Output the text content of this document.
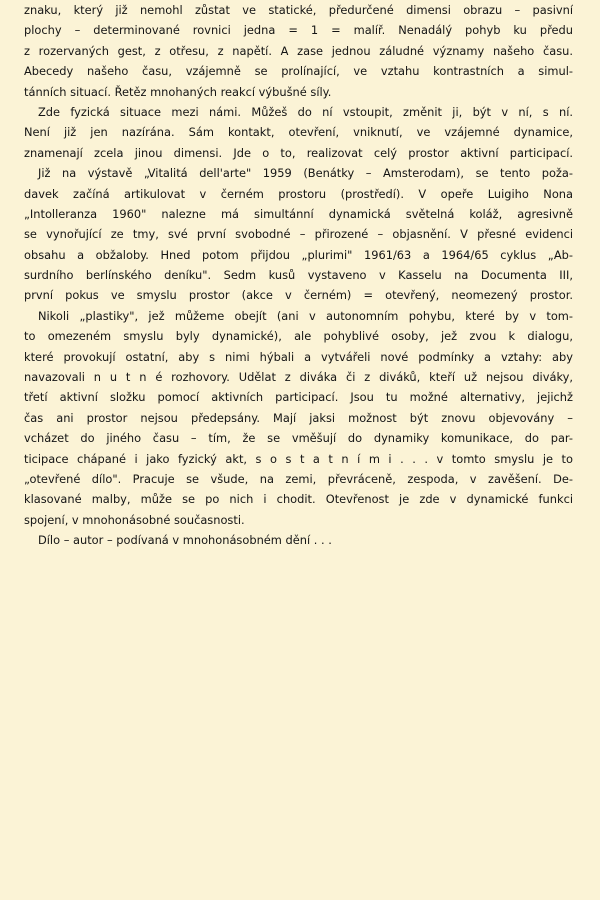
znaku, který již nemohl zůstat ve statické, předurčené dimensi obrazu – pasivní
plochy – determinované rovnici jedna = 1 = malíř. Nenadálý pohyb ku předu
z rozervaných gest, z otřesu, z napětí. A zase jednou záludné významy našeho času.
Abecedy našeho času, vzájemně se prolínající, ve vztahu kontrastních a simul-
tánních situací. Řetěz mnohaných reakcí výbušné síly.
Zde fyzická situace mezi námi. Můžeš do ní vstoupit, změnit ji, být v ní, s ní.
Není již jen nazírána. Sám kontakt, otevření, vniknutí, ve vzájemné dynamice,
znamenají zcela jinou dimensi. Jde o to, realizovat celý prostor aktivní participací.
Již na výstavě „Vitalitá dell'arte" 1959 (Benátky – Amsterodam), se tento poža-
davek začíná artikulovat v černém prostoru (prostředí). V opeře Luigiho Nona
„Intolleranza 1960" nalezne má simultánní dynamická světelná koláž, agresivně
se vynořující ze tmy, své první svobodné – přirozené – objasnění. V přesné evidenci
obsahu a obžaloby. Hned potom přijdou „plurimi" 1961/63 a 1964/65 cyklus „Ab-
surdního berlínského deníku". Sedm kusů vystaveno v Kasselu na Documenta III,
první pokus ve smyslu prostor (akce v černém) = otevřený, neomezený prostor.
Nikoli „plastiky", jež můžeme obejít (ani v autonomním pohybu, které by v tom-
to omezeném smyslu byly dynamické), ale pohyblivé osoby, jež zvou k dialogu,
které provokují ostatní, aby s nimi hýbali a vytvářeli nové podmínky a vztahy: aby
navazovali n u t n é rozhovory. Udělat z diváka či z diváků, kteří už nejsou diváky,
třetí aktivní složku pomocí aktivních participací. Jsou tu možné alternativy, jejichž
čas ani prostor nejsou předepsány. Mají jaksi možnost být znovu objevovány –
vcházet do jiného času – tím, že se vměšují do dynamiky komunikace, do par-
ticipace chápané i jako fyzický akt, s o s t a t n í m i . . . v tomto smyslu je to
„otevřené dílo". Pracuje se všude, na zemi, převráceně, zespoda, v zavěšení. De-
klasované malby, může se po nich i chodit. Otevřenost je zde v dynamické funkci
spojení, v mnohonásobné současnosti.
Dílo – autor – podívaná v mnohonásobném dění . . .
